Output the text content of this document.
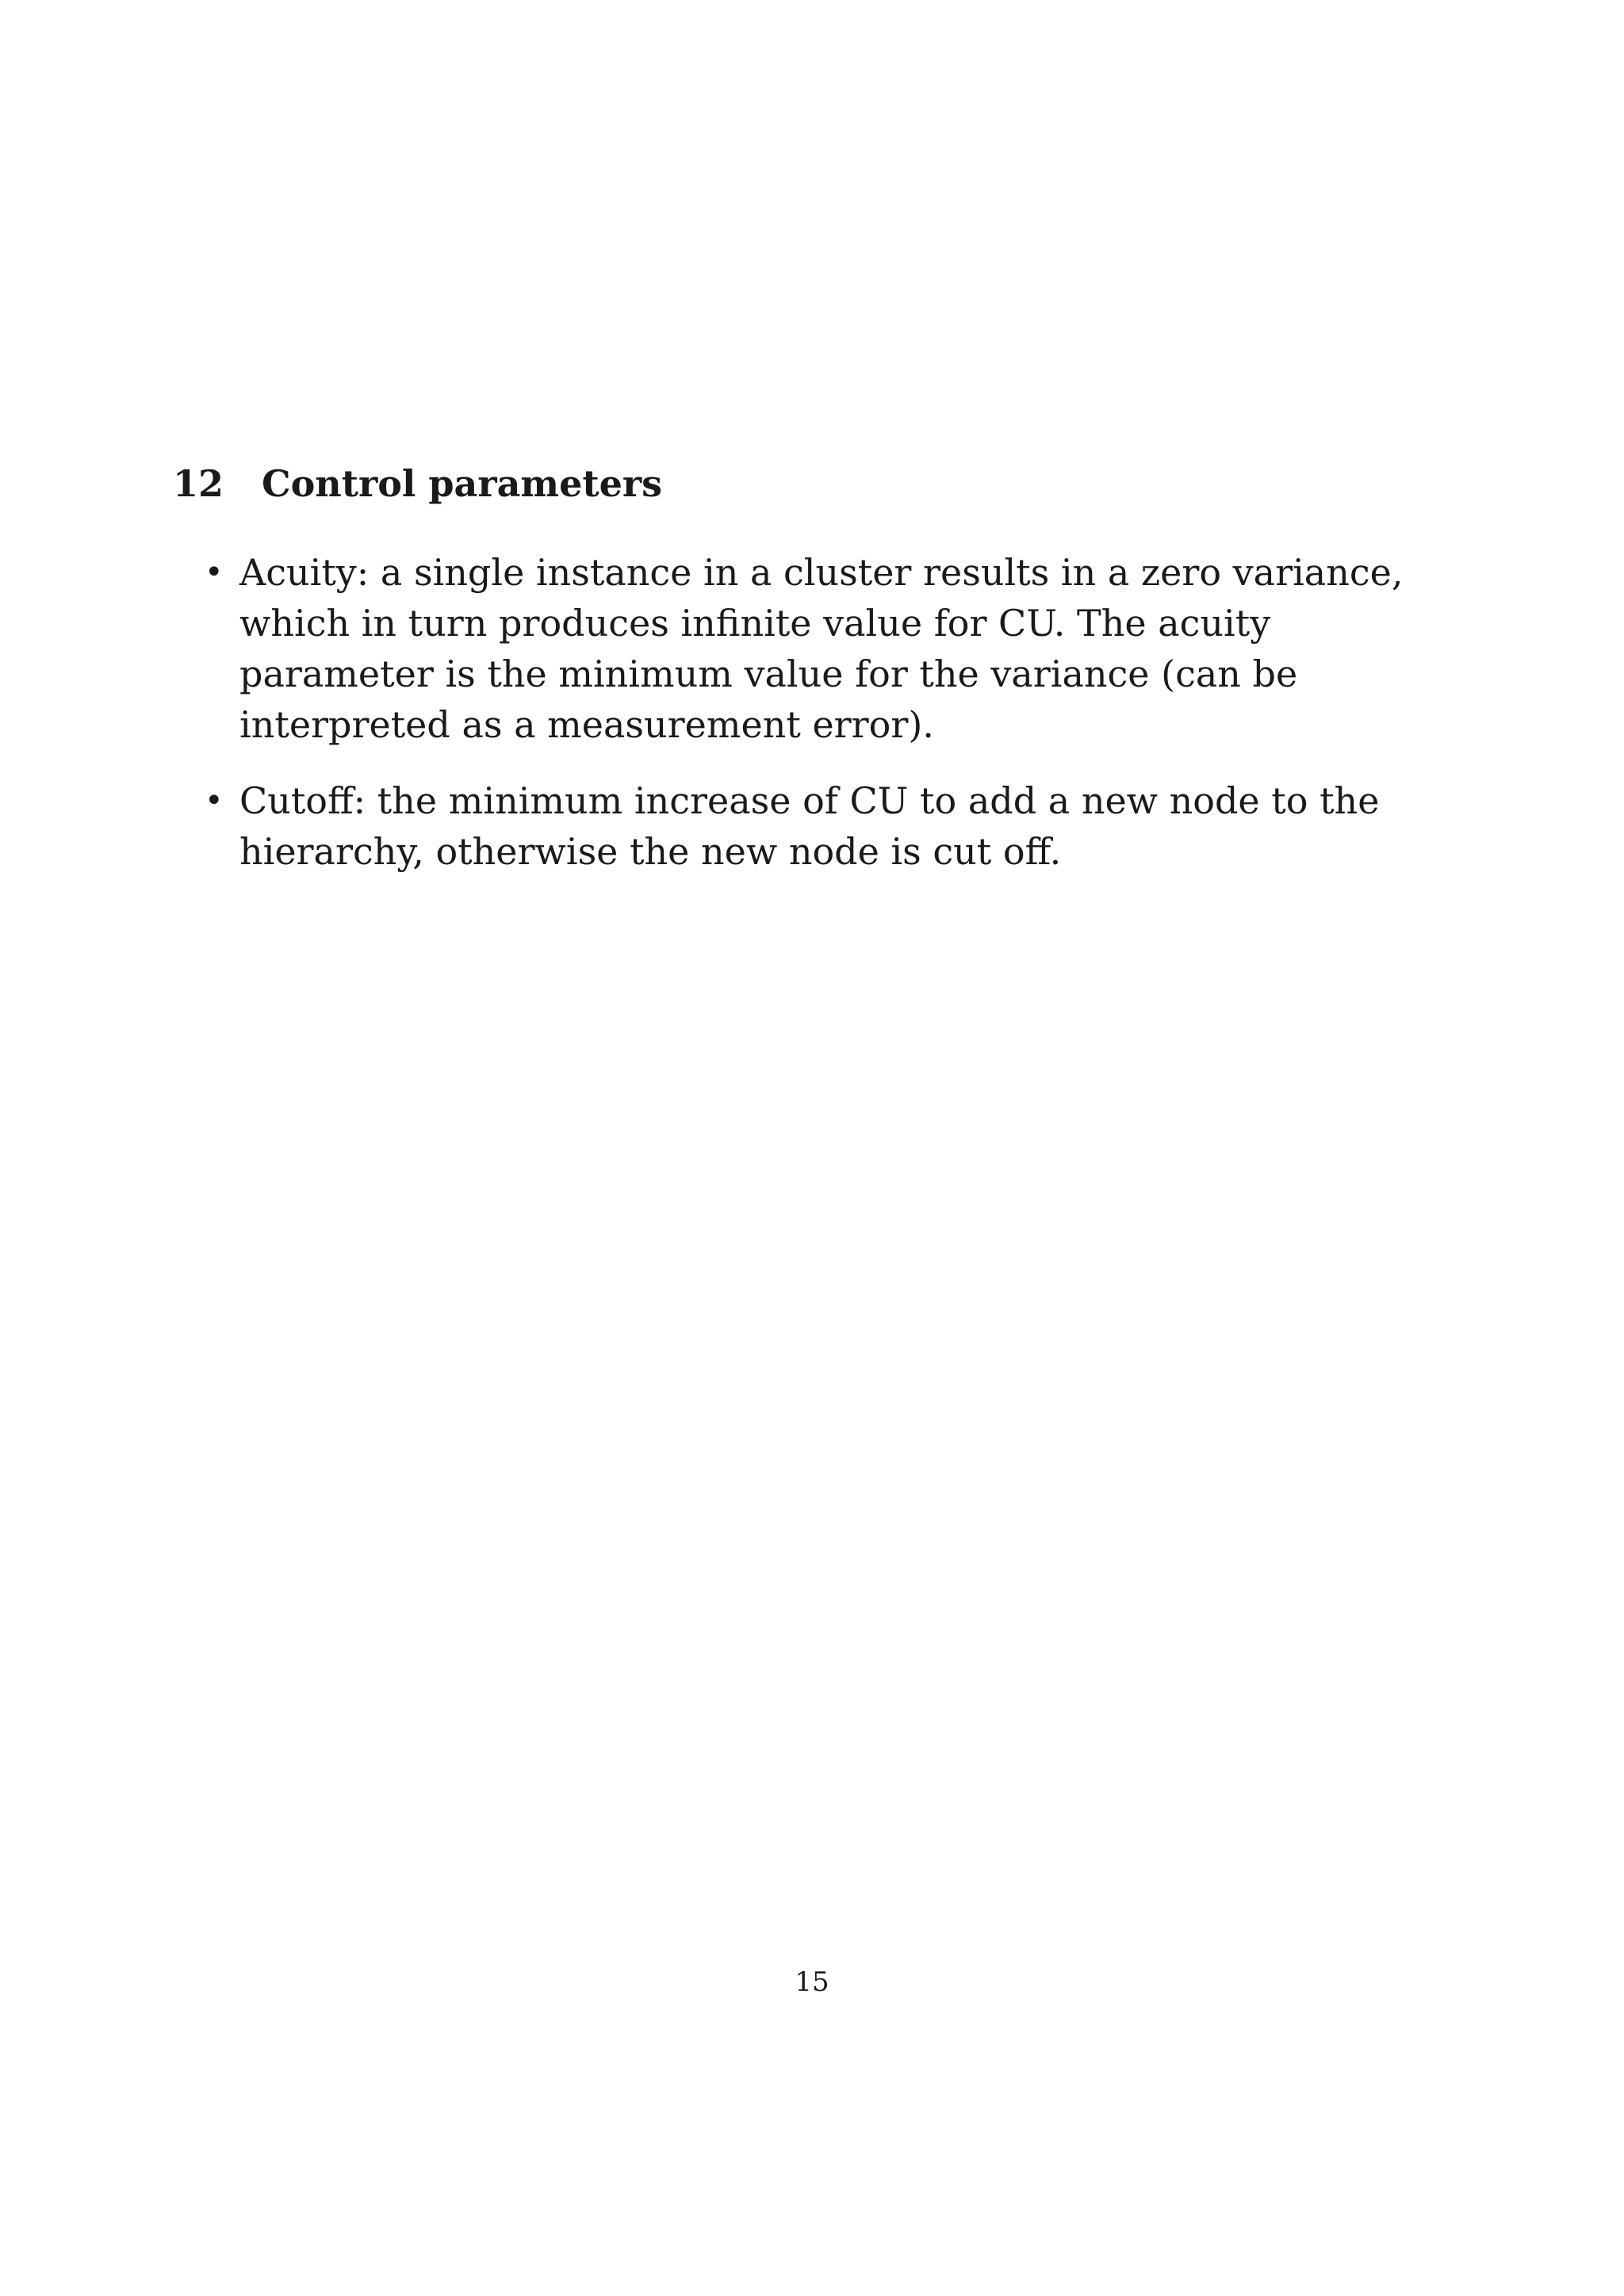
12 Control parameters
• Acuity: a single instance in a cluster results in a zero variance, which in turn produces infinite value for CU. The acuity parameter is the minimum value for the variance (can be interpreted as a measurement error).
• Cutoff: the minimum increase of CU to add a new node to the hierarchy, otherwise the new node is cut off.

15
